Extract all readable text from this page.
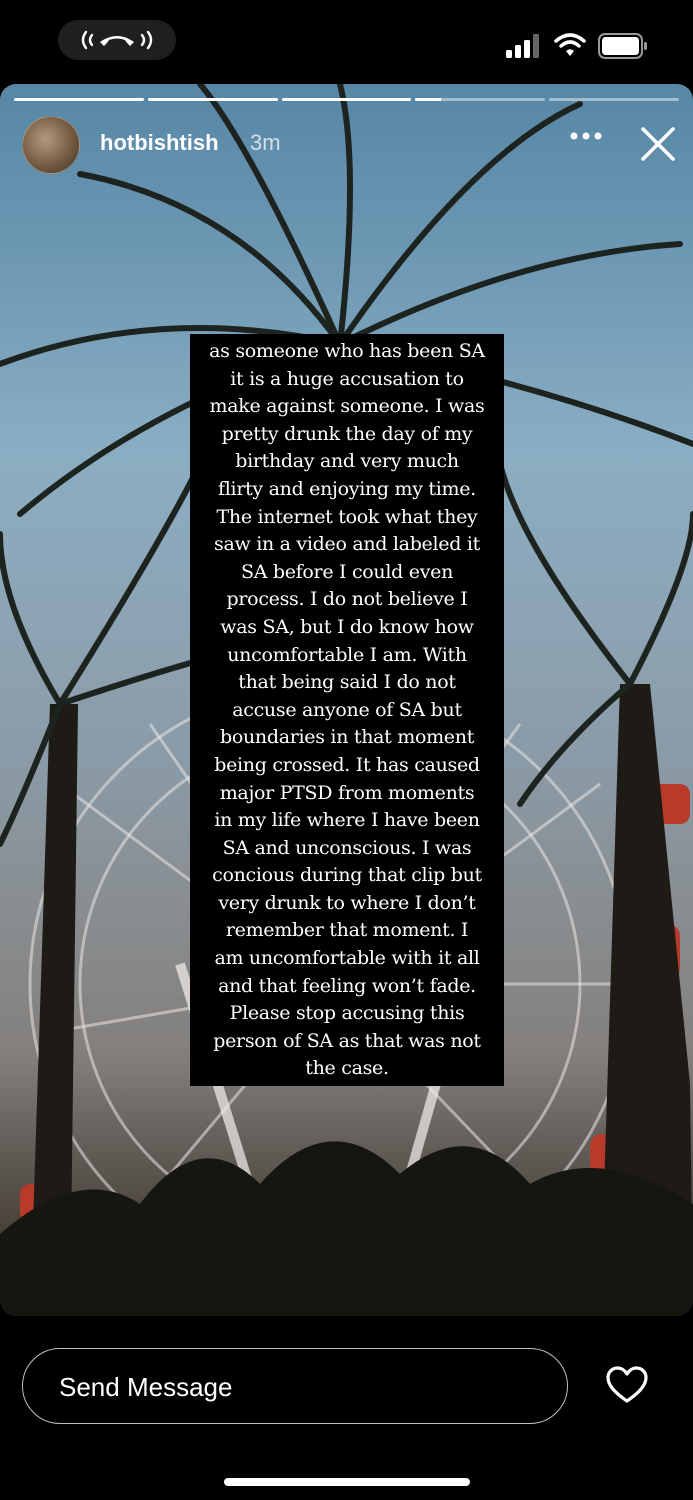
hotbishtish 3m
as someone who has been SA
it is a huge accusation to
make against someone. I was
pretty drunk the day of my
birthday and very much
flirty and enjoying my time.
The internet took what they
saw in a video and labeled it
SA before I could even
process. I do not believe I
was SA, but I do know how
uncomfortable I am. With
that being said I do not
accuse anyone of SA but
boundaries in that moment
being crossed. It has caused
major PTSD from moments
in my life where I have been
SA and unconscious. I was
concious during that clip but
very drunk to where I don’t
remember that moment. I
am uncomfortable with it all
and that feeling won’t fade.
Please stop accusing this
person of SA as that was not
the case.
Send Message
